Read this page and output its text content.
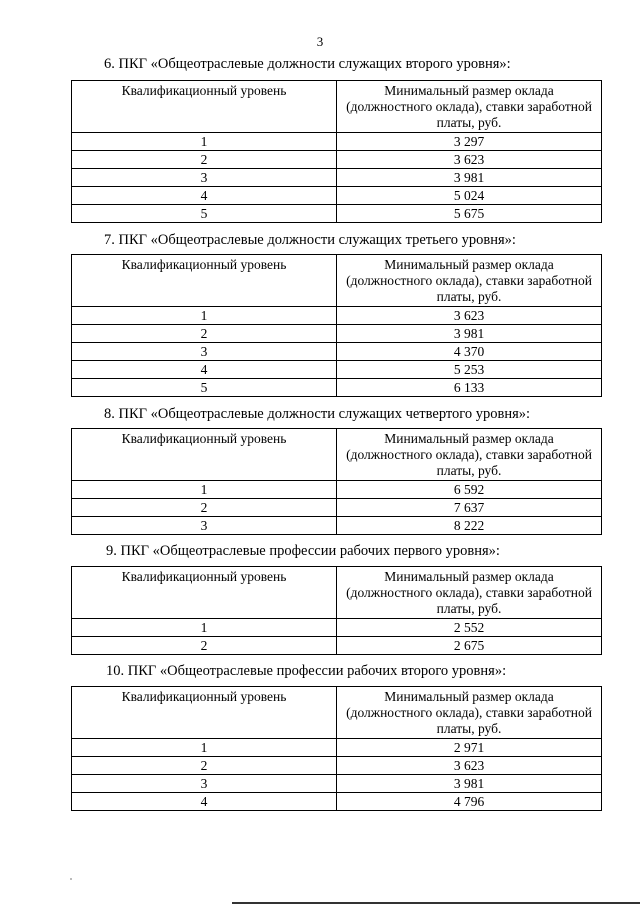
3
6. ПКГ «Общеотраслевые должности служащих второго уровня»:
Квалификационный уровень	Минимальный размер оклада (должностного оклада), ставки заработной платы, руб.
1	3 297
2	3 623
3	3 981
4	5 024
5	5 675
7. ПКГ «Общеотраслевые должности служащих третьего уровня»:
Квалификационный уровень	Минимальный размер оклада (должностного оклада), ставки заработной платы, руб.
1	3 623
2	3 981
3	4 370
4	5 253
5	6 133
8. ПКГ «Общеотраслевые должности служащих четвертого уровня»:
Квалификационный уровень	Минимальный размер оклада (должностного оклада), ставки заработной платы, руб.
1	6 592
2	7 637
3	8 222
9. ПКГ «Общеотраслевые профессии рабочих первого уровня»:
Квалификационный уровень	Минимальный размер оклада (должностного оклада), ставки заработной платы, руб.
1	2 552
2	2 675
10. ПКГ «Общеотраслевые профессии рабочих второго уровня»:
Квалификационный уровень	Минимальный размер оклада (должностного оклада), ставки заработной платы, руб.
1	2 971
2	3 623
3	3 981
4	4 796
